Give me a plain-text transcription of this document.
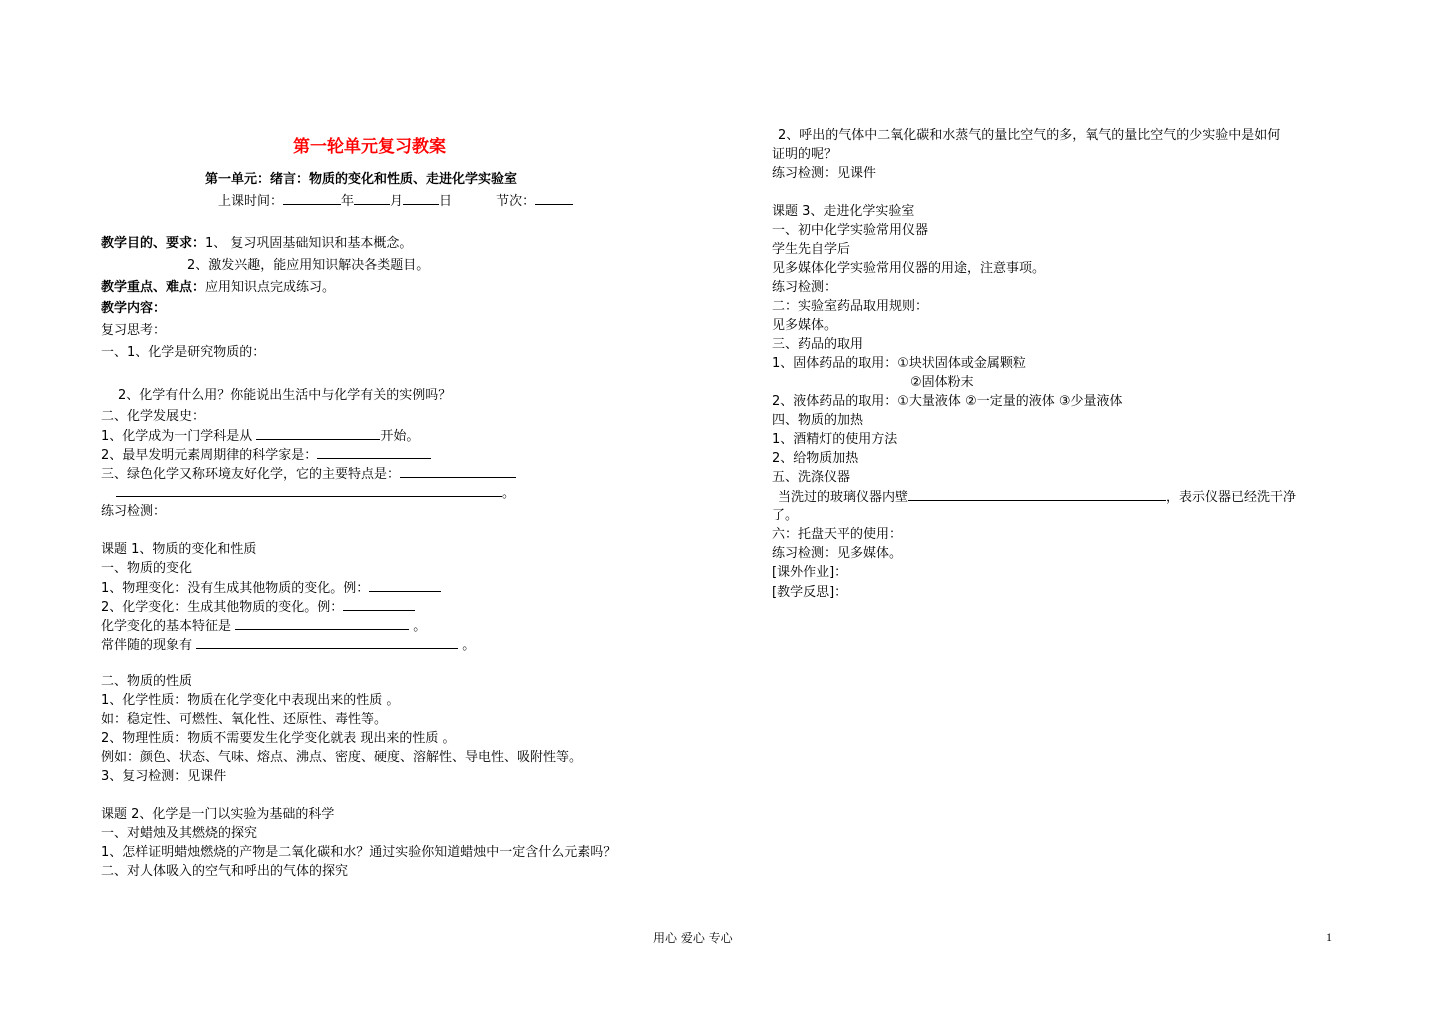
第一轮单元复习教案
第一单元：绪言：物质的变化和性质、走进化学实验室
上课时间：	年	月	日	节次：
教学目的、要求：1、 复习巩固基础知识和基本概念。
2、激发兴趣，能应用知识解决各类题目。
教学重点、难点：应用知识点完成练习。
教学内容：
复习思考：
一、1、化学是研究物质的：
2、化学有什么用？你能说出生活中与化学有关的实例吗？
二、化学发展史：
1、化学成为一门学科是从	开始。
2、最早发明元素周期律的科学家是：
三、绿色化学又称环境友好化学，它的主要特点是：
。
练习检测：
课题 1、物质的变化和性质
一、物质的变化
1、物理变化：没有生成其他物质的变化。例：
2、化学变化：生成其他物质的变化。例：
化学变化的基本特征是	。
常伴随的现象有	。
二、物质的性质
1、化学性质：物质在化学变化中表现出来的性质 。
如：稳定性、可燃性、氧化性、还原性、毒性等。
2、物理性质：物质不需要发生化学变化就表 现出来的性质 。
例如：颜色、状态、气味、熔点、沸点、密度、硬度、溶解性、导电性、吸附性等。
3、复习检测：见课件
课题 2、化学是一门以实验为基础的科学
一、对蜡烛及其燃烧的探究
1、怎样证明蜡烛燃烧的产物是二氧化碳和水？通过实验你知道蜡烛中一定含什么元素吗？
二、对人体吸入的空气和呼出的气体的探究
2、呼出的气体中二氧化碳和水蒸气的量比空气的多，氧气的量比空气的少实验中是如何
证明的呢？
练习检测：见课件
课题 3、走进化学实验室
一、初中化学实验常用仪器
学生先自学后
见多媒体化学实验常用仪器的用途，注意事项。
练习检测：
二：实验室药品取用规则：
见多媒体。
三、药品的取用
1、固体药品的取用：①块状固体或金属颗粒
②固体粉末
2、液体药品的取用：①大量液体 ②一定量的液体 ③少量液体
四、物质的加热
1、酒精灯的使用方法
2、给物质加热
五、洗涤仪器
当洗过的玻璃仪器内壁	，表示仪器已经洗干净
了。
六：托盘天平的使用：
练习检测：见多媒体。
[课外作业]：
[教学反思]：
用心 爱心 专心	1
